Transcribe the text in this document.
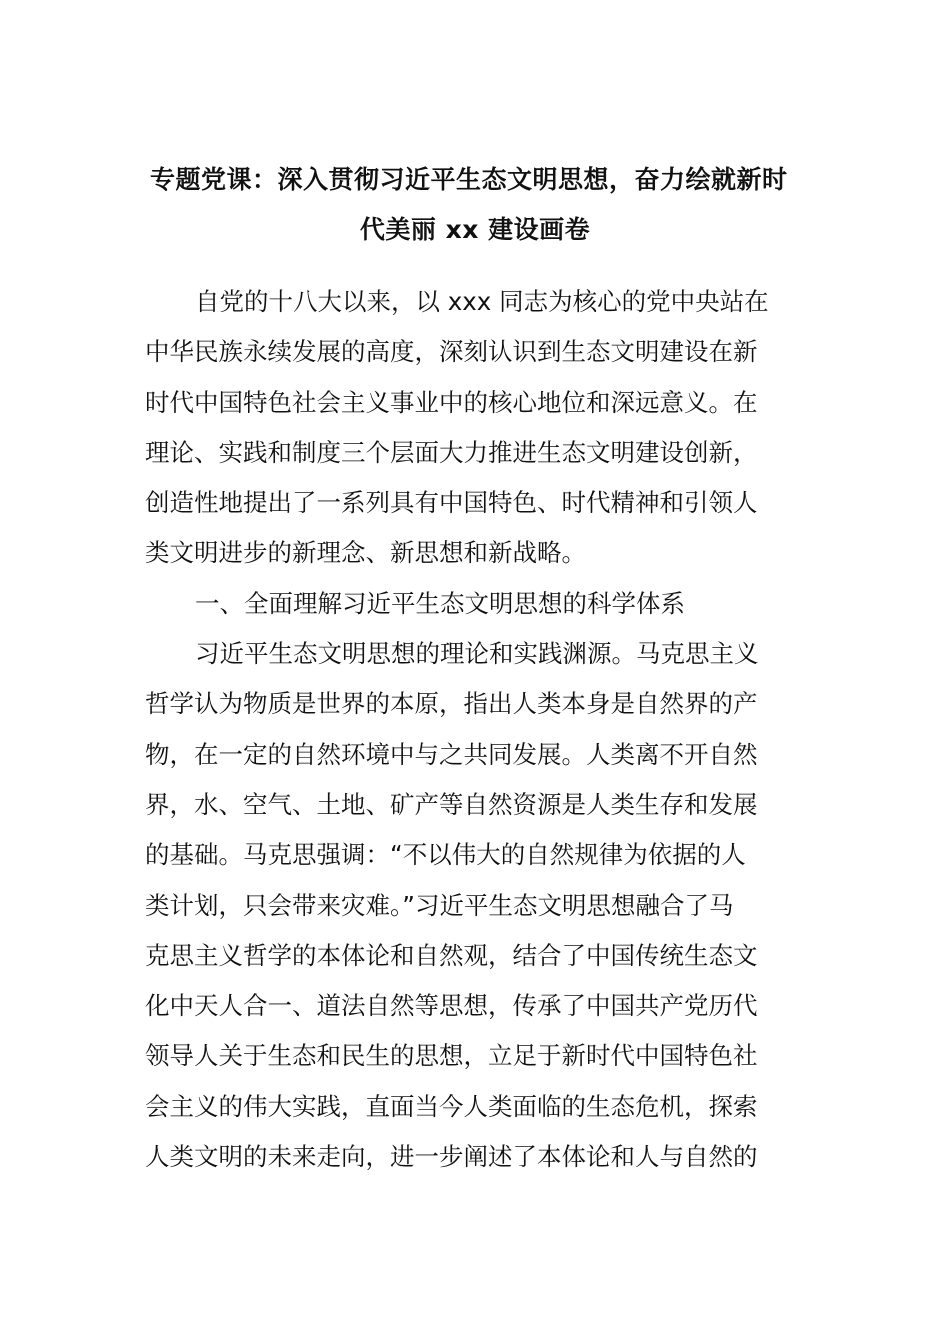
专题党课：深入贯彻习近平生态文明思想，奋力绘就新时
代美丽 xx 建设画卷
自党的十八大以来，以 xxx 同志为核心的党中央站在
中华民族永续发展的高度，深刻认识到生态文明建设在新
时代中国特色社会主义事业中的核心地位和深远意义。在
理论、实践和制度三个层面大力推进生态文明建设创新，
创造性地提出了一系列具有中国特色、时代精神和引领人
类文明进步的新理念、新思想和新战略。
一、全面理解习近平生态文明思想的科学体系
习近平生态文明思想的理论和实践渊源。马克思主义
哲学认为物质是世界的本原，指出人类本身是自然界的产
物，在一定的自然环境中与之共同发展。人类离不开自然
界，水、空气、土地、矿产等自然资源是人类生存和发展
的基础。马克思强调：“不以伟大的自然规律为依据的人
类计划，只会带来灾难。”习近平生态文明思想融合了马
克思主义哲学的本体论和自然观，结合了中国传统生态文
化中天人合一、道法自然等思想，传承了中国共产党历代
领导人关于生态和民生的思想，立足于新时代中国特色社
会主义的伟大实践，直面当今人类面临的生态危机，探索
人类文明的未来走向，进一步阐述了本体论和人与自然的
